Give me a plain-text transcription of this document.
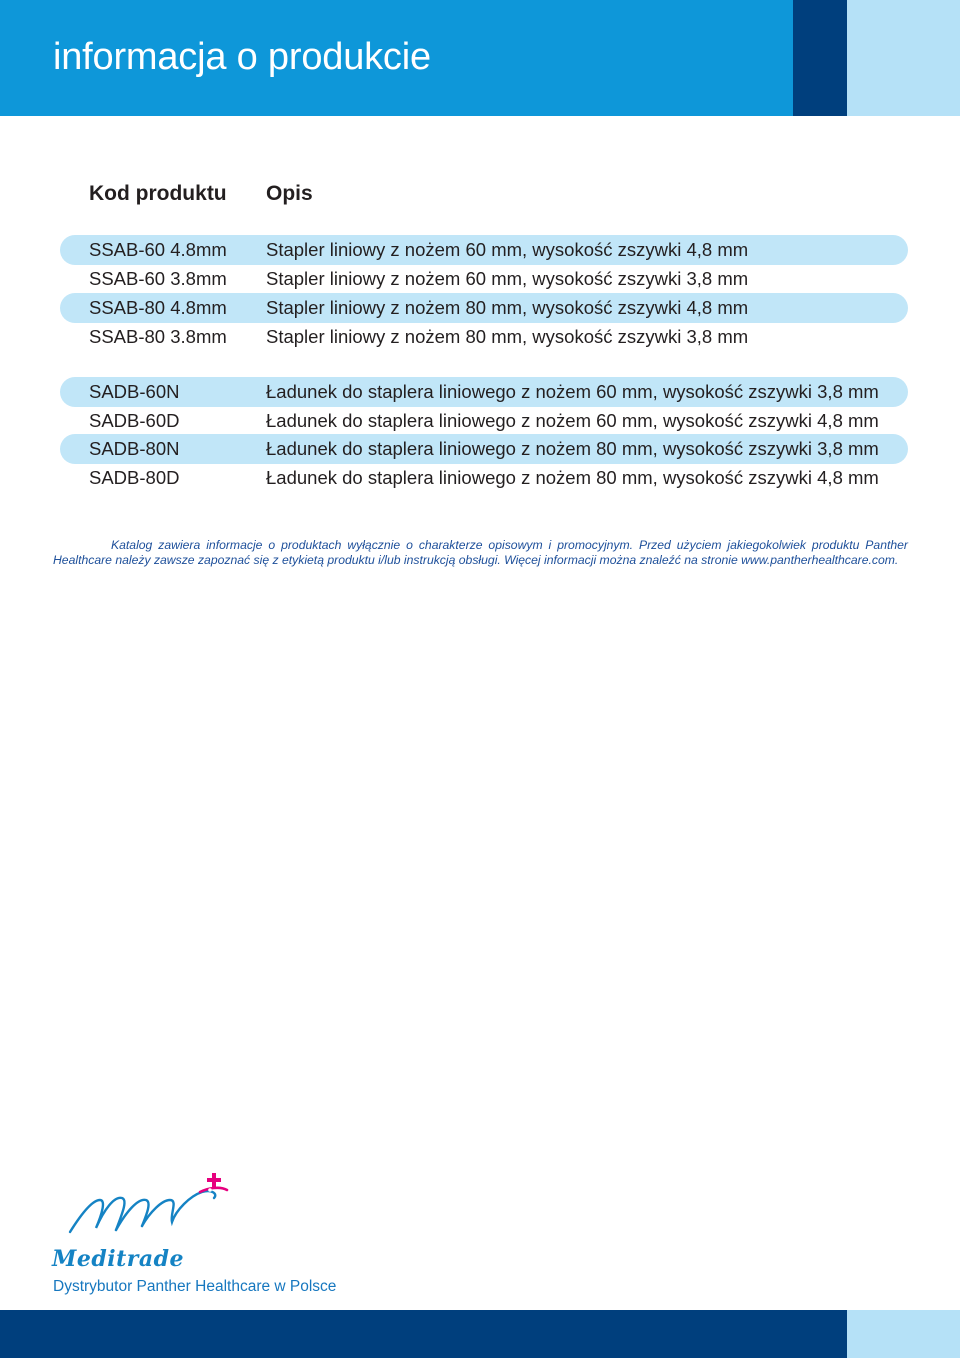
informacja o produkcie
Kod produktu Opis
SSAB-60 4.8mm Stapler liniowy z nożem 60 mm, wysokość zszywki 4,8 mm
SSAB-60 3.8mm Stapler liniowy z nożem 60 mm, wysokość zszywki 3,8 mm
SSAB-80 4.8mm Stapler liniowy z nożem 80 mm, wysokość zszywki 4,8 mm
SSAB-80 3.8mm Stapler liniowy z nożem 80 mm, wysokość zszywki 3,8 mm
SADB-60N	Ładunek do staplera liniowego z nożem 60 mm, wysokość zszywki 3,8 mm
SADB-60D	Ładunek do staplera liniowego z nożem 60 mm, wysokość zszywki 4,8 mm
SADB-80N	Ładunek do staplera liniowego z nożem 80 mm, wysokość zszywki 3,8 mm
SADB-80D	Ładunek do staplera liniowego z nożem 80 mm, wysokość zszywki 4,8 mm

Katalog zawiera informacje o produktach wyłącznie o charakterze opisowym i promocyjnym. Przed użyciem jakiegokolwiek produktu Panther Healthcare należy zawsze zapoznać się z etykietą produktu i/lub instrukcją obsługi. Więcej informacji można znaleźć na stronie www.pantherhealthcare.com.

Meditrade
Dystrybutor Panther Healthcare w Polsce
